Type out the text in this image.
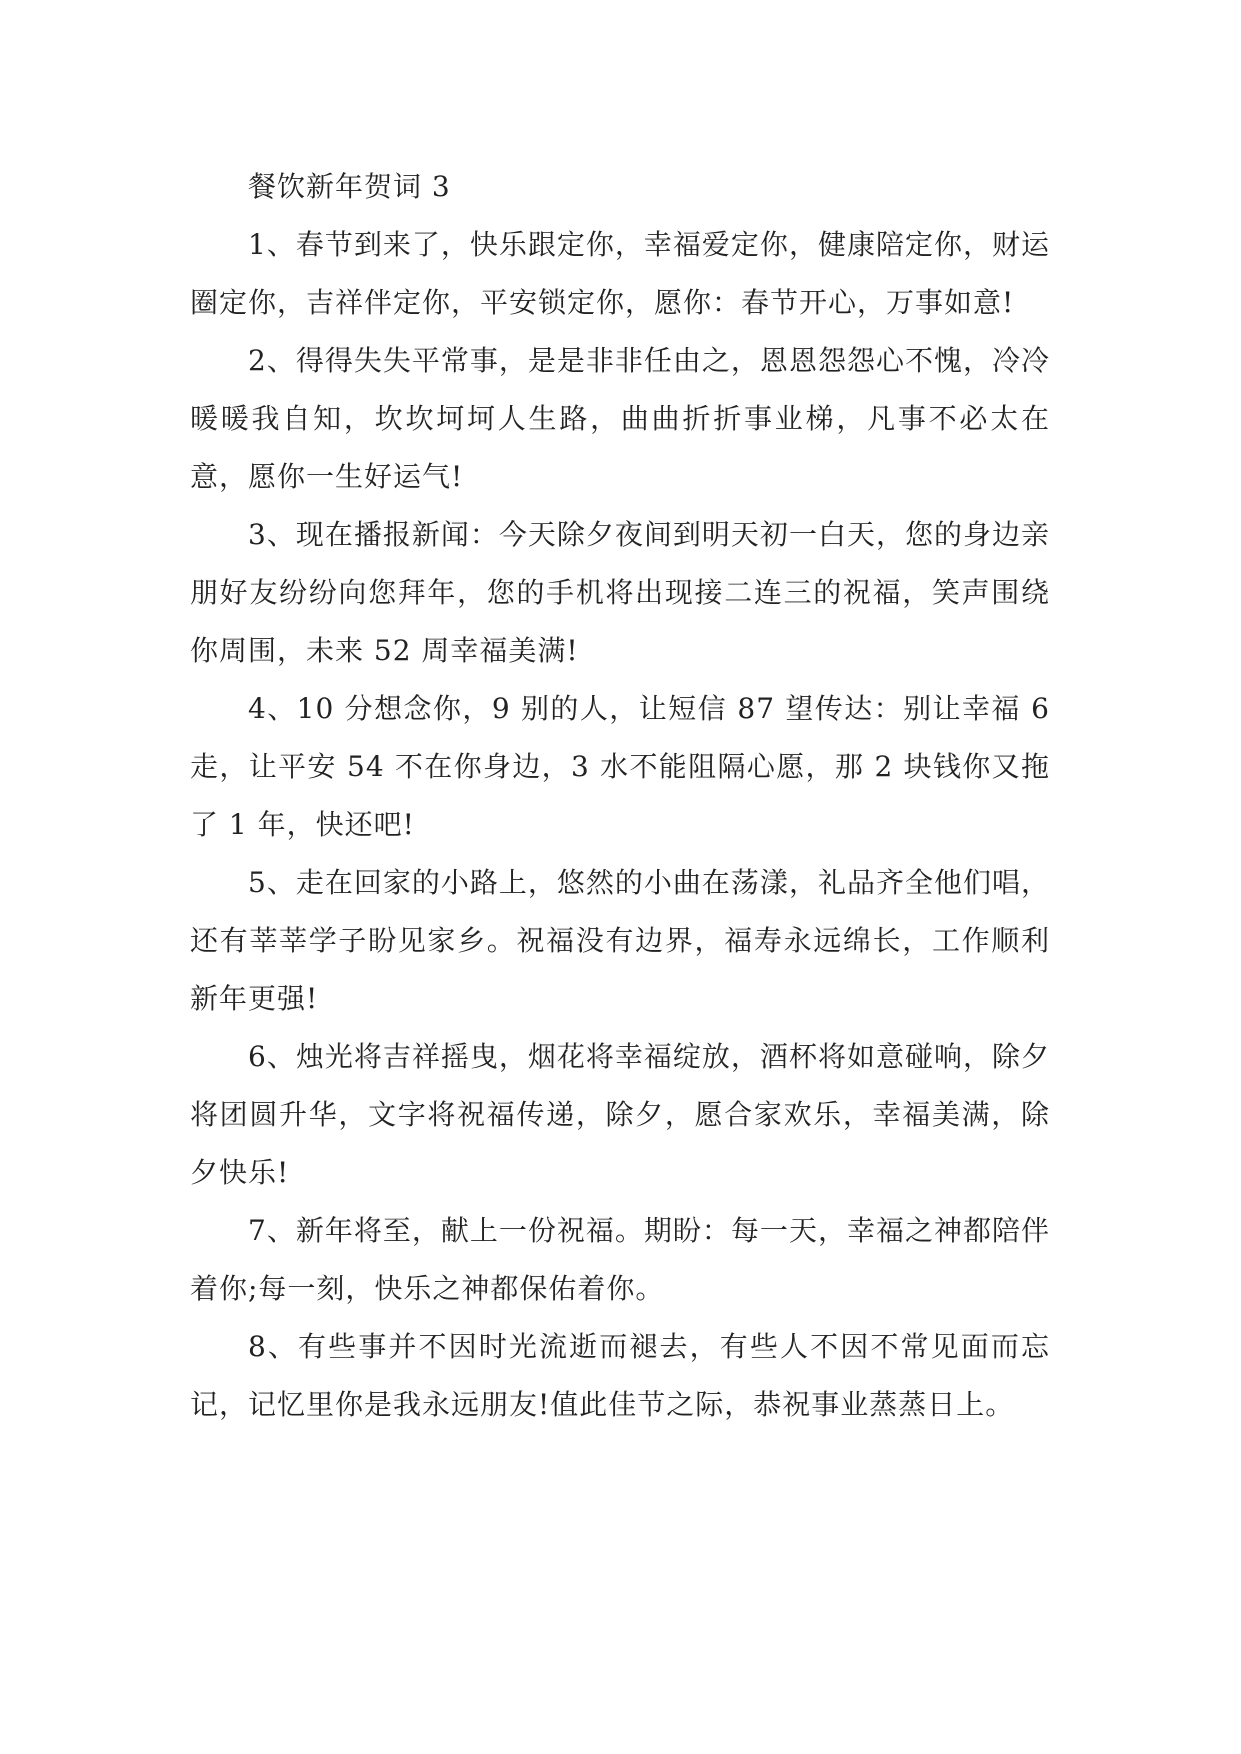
餐饮新年贺词 3

1、春节到来了，快乐跟定你，幸福爱定你，健康陪定你，财运圈定你，吉祥伴定你，平安锁定你，愿你：春节开心，万事如意!

2、得得失失平常事，是是非非任由之，恩恩怨怨心不愧，冷冷暖暖我自知，坎坎坷坷人生路，曲曲折折事业梯，凡事不必太在意，愿你一生好运气!

3、现在播报新闻：今天除夕夜间到明天初一白天，您的身边亲朋好友纷纷向您拜年，您的手机将出现接二连三的祝福，笑声围绕你周围，未来 52 周幸福美满!

4、10 分想念你，9 别的人，让短信 87 望传达：别让幸福 6 走，让平安 54 不在你身边，3 水不能阻隔心愿，那 2 块钱你又拖了 1 年，快还吧!

5、走在回家的小路上，悠然的小曲在荡漾，礼品齐全他们唱，还有莘莘学子盼见家乡。祝福没有边界，福寿永远绵长，工作顺利新年更强!

6、烛光将吉祥摇曳，烟花将幸福绽放，酒杯将如意碰响，除夕将团圆升华，文字将祝福传递，除夕，愿合家欢乐，幸福美满，除夕快乐!

7、新年将至，献上一份祝福。期盼：每一天，幸福之神都陪伴着你;每一刻，快乐之神都保佑着你。

8、有些事并不因时光流逝而褪去，有些人不因不常见面而忘记，记忆里你是我永远朋友!值此佳节之际，恭祝事业蒸蒸日上。
